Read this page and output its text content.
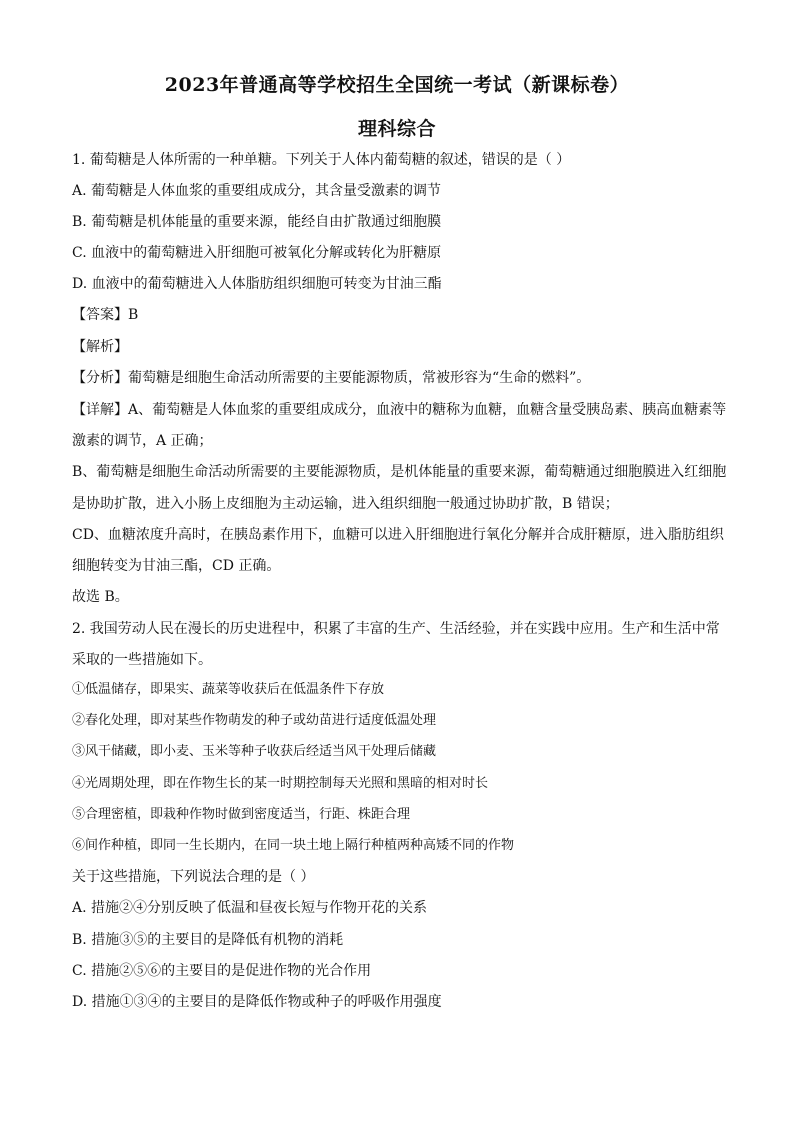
2023年普通高等学校招生全国统一考试（新课标卷）
理科综合
1. 葡萄糖是人体所需的一种单糖。下列关于人体内葡萄糖的叙述，错误的是（ ）
A. 葡萄糖是人体血浆的重要组成成分，其含量受激素的调节
B. 葡萄糖是机体能量的重要来源，能经自由扩散通过细胞膜
C. 血液中的葡萄糖进入肝细胞可被氧化分解或转化为肝糖原
D. 血液中的葡萄糖进入人体脂肪组织细胞可转变为甘油三酯
【答案】B
【解析】
【分析】葡萄糖是细胞生命活动所需要的主要能源物质，常被形容为“生命的燃料”。
【详解】A、葡萄糖是人体血浆的重要组成成分，血液中的糖称为血糖，血糖含量受胰岛素、胰高血糖素等
激素的调节，A 正确；
B、葡萄糖是细胞生命活动所需要的主要能源物质，是机体能量的重要来源，葡萄糖通过细胞膜进入红细胞
是协助扩散，进入小肠上皮细胞为主动运输，进入组织细胞一般通过协助扩散，B 错误；
CD、血糖浓度升高时，在胰岛素作用下，血糖可以进入肝细胞进行氧化分解并合成肝糖原，进入脂肪组织
细胞转变为甘油三酯，CD 正确。
故选 B。
2. 我国劳动人民在漫长的历史进程中，积累了丰富的生产、生活经验，并在实践中应用。生产和生活中常
采取的一些措施如下。
①低温储存，即果实、蔬菜等收获后在低温条件下存放
②春化处理，即对某些作物萌发的种子或幼苗进行适度低温处理
③风干储藏，即小麦、玉米等种子收获后经适当风干处理后储藏
④光周期处理，即在作物生长的某一时期控制每天光照和黑暗的相对时长
⑤合理密植，即栽种作物时做到密度适当，行距、株距合理
⑥间作种植，即同一生长期内，在同一块土地上隔行种植两种高矮不同的作物
关于这些措施，下列说法合理的是（ ）
A. 措施②④分别反映了低温和昼夜长短与作物开花的关系
B. 措施③⑤的主要目的是降低有机物的消耗
C. 措施②⑤⑥的主要目的是促进作物的光合作用
D. 措施①③④的主要目的是降低作物或种子的呼吸作用强度
